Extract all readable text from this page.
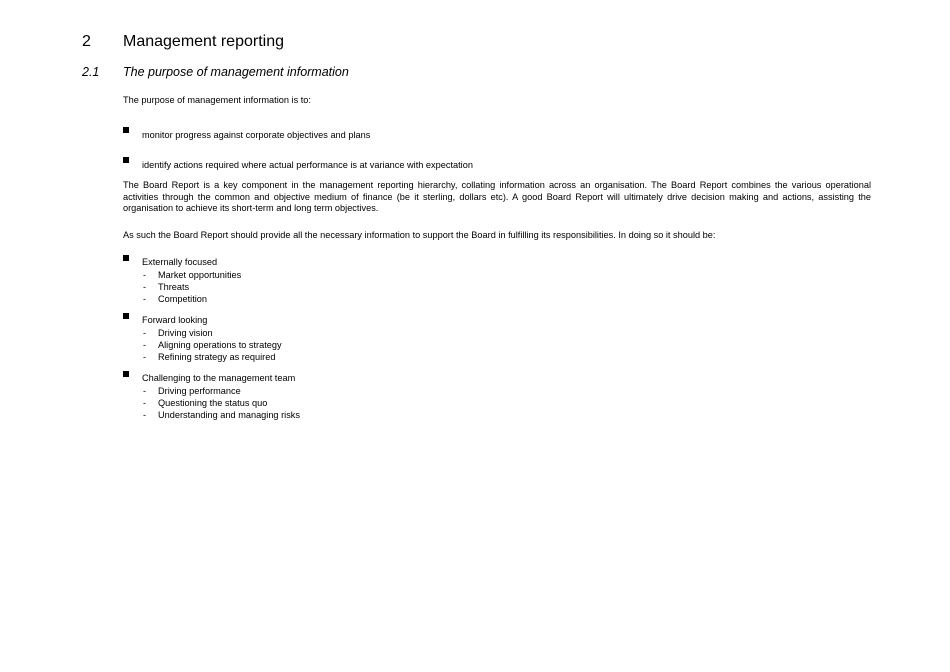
2 Management reporting
2.1 The purpose of management information
The purpose of management information is to:
monitor progress against corporate objectives and plans
identify actions required where actual performance is at variance with expectation
The Board Report is a key component in the management reporting hierarchy, collating information across an organisation. The Board Report combines the various operational activities through the common and objective medium of finance (be it sterling, dollars etc). A good Board Report will ultimately drive decision making and actions, assisting the organisation to achieve its short-term and long term objectives.
As such the Board Report should provide all the necessary information to support the Board in fulfilling its responsibilities. In doing so it should be:
Externally focused
- Market opportunities
- Threats
- Competition
Forward looking
- Driving vision
- Aligning operations to strategy
- Refining strategy as required
Challenging to the management team
- Driving performance
- Questioning the status quo
- Understanding and managing risks
